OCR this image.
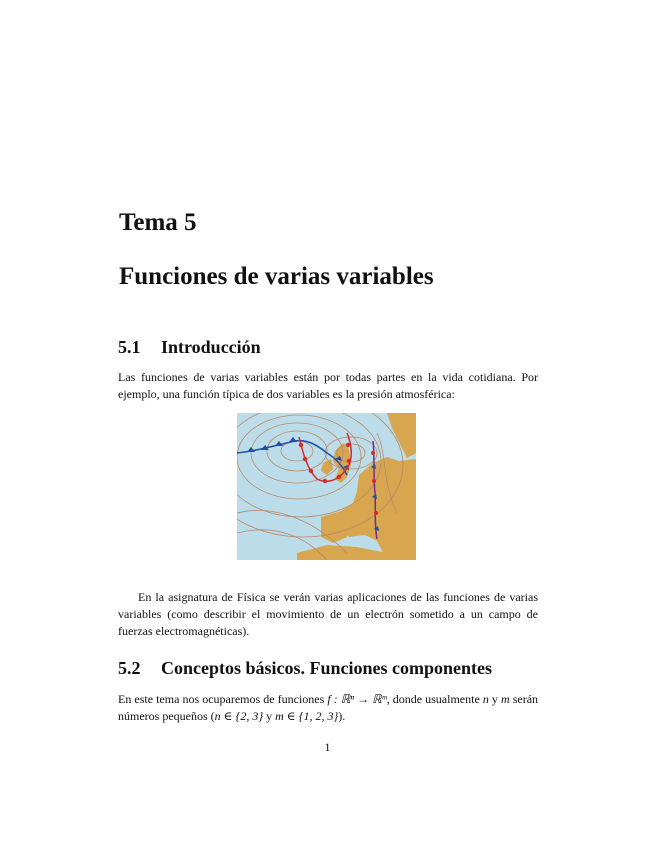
Tema 5
Funciones de varias variables
5.1 Introducción

Las funciones de varias variables están por todas partes en la vida cotidiana. Por ejemplo, una función típica de dos variables es la presión atmosférica:

En la asignatura de Física se verán varias aplicaciones de las funciones de varias variables (como describir el movimiento de un electrón sometido a un campo de fuerzas electromagnéticas).

5.2 Conceptos básicos. Funciones componentes

En este tema nos ocuparemos de funciones f : ℝⁿ → ℝᵐ, donde usualmente n y m serán números pequeños (n ∈ {2, 3} y m ∈ {1, 2, 3}).

1
